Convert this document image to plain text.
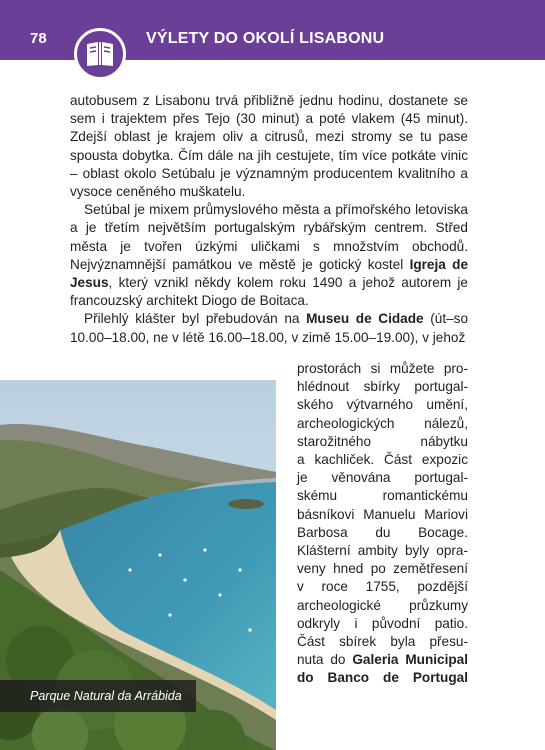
78	VÝLETY DO OKOLÍ LISABONU

autobusem z Lisabonu trvá přibližně jednu hodinu, dostanete se sem i trajektem přes Tejo (30 minut) a poté vlakem (45 minut). Zdejší oblast je krajem oliv a citrusů, mezi stromy se tu pase spousta dobytka. Čím dále na jih cestujete, tím více potkáte vinic – oblast okolo Setúbalu je významným producentem kvalitního a vysoce ceněného muškatelu.

Setúbal je mixem průmyslového města a přímořského letoviska a je třetím největším portugalským rybářským centrem. Střed města je tvořen úzkými uličkami s množstvím obchodů. Nejvýznamnější památkou ve městě je gotický kostel Igreja de Jesus, který vznikl někdy kolem roku 1490 a jehož autorem je francouzský architekt Diogo de Boitaca.

Přilehlý klášter byl přebudován na Museu de Cidade (út–so 10.00–18.00, ne v létě 16.00–18.00, v zimě 15.00–19.00), v jehož

Parque Natural da Arrábida
prostorách si můžete pro-
hlédnout sbírky portugal-
ského výtvarného umění,
archeologických nálezů,
starožitného nábytku
a kachliček. Část expozic
je věnována portugal-
skému romantickému
básníkovi Manuelu Mariovi
Barbosa du Bocage.
Klášterní ambity byly opra-
veny hned po zemětřesení
v roce 1755, pozdější
archeologické průzkumy
odkryly i původní patio.
Část sbírek byla přesu-
nuta do Galeria Municipal
do Banco de Portugal
